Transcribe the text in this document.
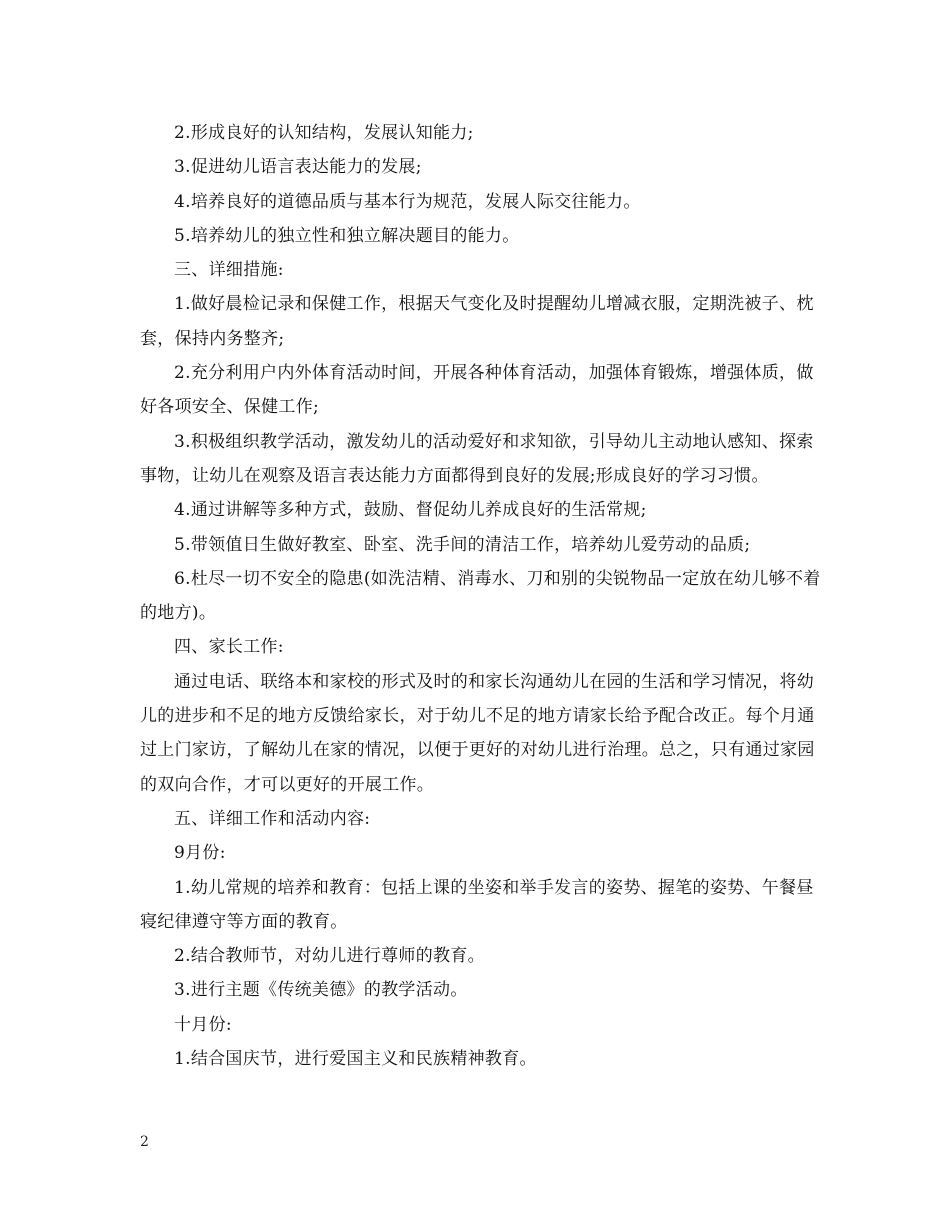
2.形成良好的认知结构，发展认知能力;

3.促进幼儿语言表达能力的发展;

4.培养良好的道德品质与基本行为规范，发展人际交往能力。

5.培养幼儿的独立性和独立解决题目的能力。

三、详细措施:

1.做好晨检记录和保健工作，根据天气变化及时提醒幼儿增减衣服，定期洗被子、枕套，保持内务整齐;

2.充分利用户内外体育活动时间，开展各种体育活动，加强体育锻炼，增强体质，做好各项安全、保健工作;

3.积极组织教学活动，激发幼儿的活动爱好和求知欲，引导幼儿主动地认感知、探索事物，让幼儿在观察及语言表达能力方面都得到良好的发展;形成良好的学习习惯。

4.通过讲解等多种方式，鼓励、督促幼儿养成良好的生活常规;

5.带领值日生做好教室、卧室、洗手间的清洁工作，培养幼儿爱劳动的品质;

6.杜尽一切不安全的隐患(如洗洁精、消毒水、刀和别的尖锐物品一定放在幼儿够不着的地方)。

四、家长工作:

通过电话、联络本和家校的形式及时的和家长沟通幼儿在园的生活和学习情况，将幼儿的进步和不足的地方反馈给家长，对于幼儿不足的地方请家长给予配合改正。每个月通过上门家访，了解幼儿在家的情况，以便于更好的对幼儿进行治理。总之，只有通过家园的双向合作，才可以更好的开展工作。

五、详细工作和活动内容:

9月份:

1.幼儿常规的培养和教育：包括上课的坐姿和举手发言的姿势、握笔的姿势、午餐昼寝纪律遵守等方面的教育。

2.结合教师节，对幼儿进行尊师的教育。

3.进行主题《传统美德》的教学活动。

十月份:

1.结合国庆节，进行爱国主义和民族精神教育。

2
